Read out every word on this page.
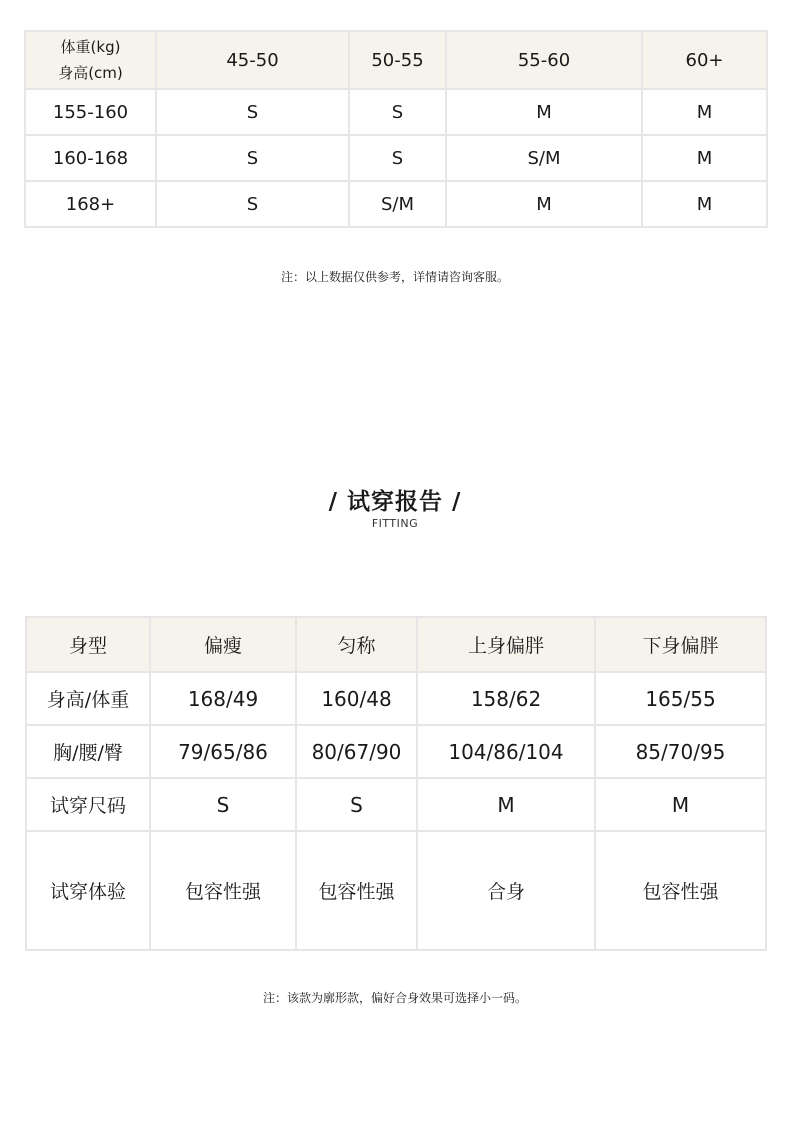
体重(kg)
身高(cm)	45-50	50-55	55-60	60+
155-160	S	S	M	M
160-168	S	S	S/M	M
168+	S	S/M	M	M
注：以上数据仅供参考，详情请咨询客服。
/ 试穿报告 /
FITTING
身型	偏瘦	匀称	上身偏胖	下身偏胖
身高/体重	168/49	160/48	158/62	165/55
胸/腰/臀	79/65/86	80/67/90	104/86/104	85/70/95
试穿尺码	S	S	M	M
试穿体验	包容性强	包容性强	合身	包容性强
注：该款为廓形款，偏好合身效果可选择小一码。
